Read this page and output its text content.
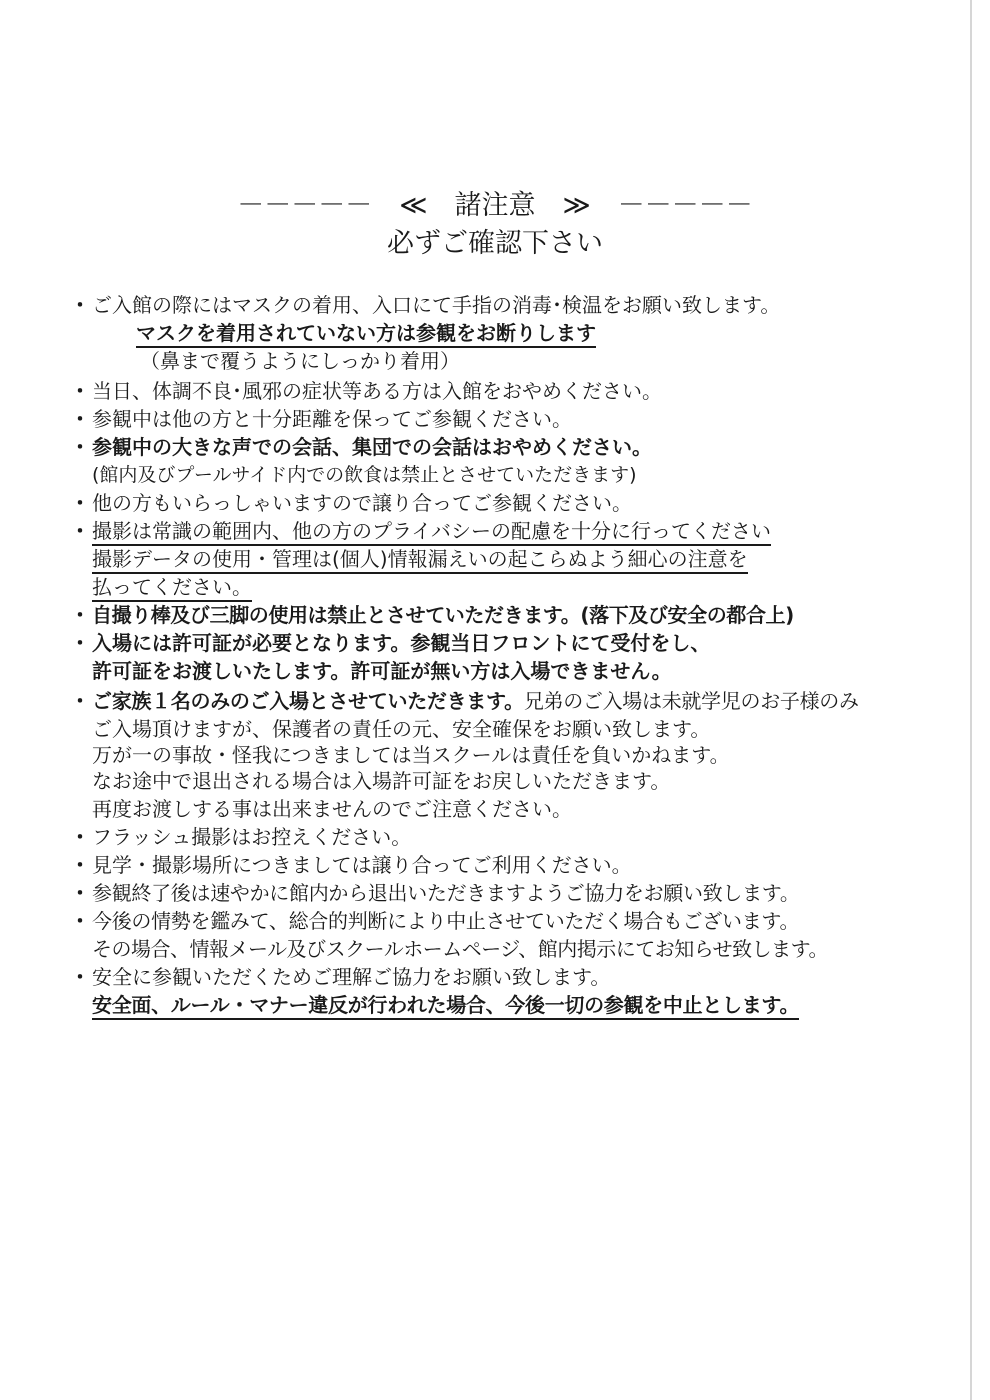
－－－－－　≪　諸注意　≫　－－－－－
必ずご確認下さい
・
・
・
・
・
・
・
・
・
・
・
・
・
・
ご入館の際にはマスクの着用、入口にて手指の消毒･検温をお願い致します。
マスクを着用されていない方は参観をお断りします
（鼻まで覆うようにしっかり着用）
当日、体調不良･風邪の症状等ある方は入館をおやめください。
参観中は他の方と十分距離を保ってご参観ください。
参観中の大きな声での会話、集団での会話はおやめください。
(館内及びプールサイド内での飲食は禁止とさせていただきます)
他の方もいらっしゃいますので譲り合ってご参観ください。
撮影は常識の範囲内、他の方のプライバシーの配慮を十分に行ってください
撮影データの使用・管理は(個人)情報漏えいの起こらぬよう細心の注意を
払ってください。
自撮り棒及び三脚の使用は禁止とさせていただきます。(落下及び安全の都合上)
入場には許可証が必要となります。参観当日フロントにて受付をし、
許可証をお渡しいたします。許可証が無い方は入場できません。
ご家族１名のみのご入場とさせていただきます。兄弟のご入場は未就学児のお子様のみ
ご入場頂けますが、保護者の責任の元、安全確保をお願い致します。
万が一の事故・怪我につきましては当スクールは責任を負いかねます。
なお途中で退出される場合は入場許可証をお戻しいただきます。
再度お渡しする事は出来ませんのでご注意ください。
フラッシュ撮影はお控えください。
見学・撮影場所につきましては譲り合ってご利用ください。
参観終了後は速やかに館内から退出いただきますようご協力をお願い致します。
今後の情勢を鑑みて、総合的判断により中止させていただく場合もございます。
その場合、情報メール及びスクールホームページ、館内掲示にてお知らせ致します。
安全に参観いただくためご理解ご協力をお願い致します。
安全面、ルール・マナー違反が行われた場合、今後一切の参観を中止とします。
